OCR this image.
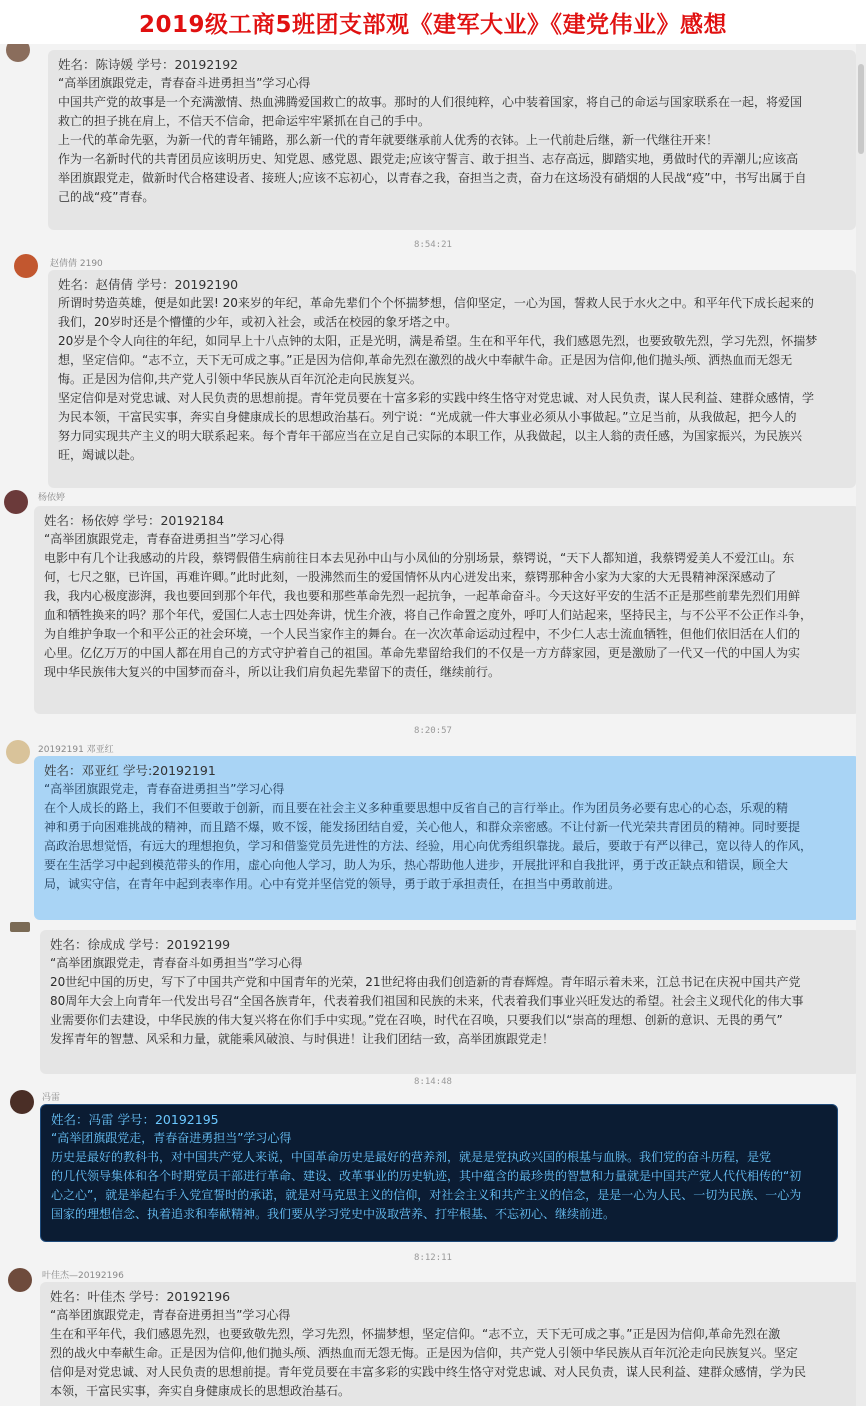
2019级工商5班团支部观《建军大业》《建党伟业》感想
姓名：陈诗媛 学号：20192192
“高举团旗跟党走，青春奋斗进勇担当”学习心得
中国共产党的故事是一个充满激情、热血沸腾爱国救亡的故事。那时的人们很纯粹，心中装着国家，将自己的命运与国家联系在一起，将爱国
救亡的担子挑在肩上，不信天不信命，把命运牢牢紧抓在自己的手中。
上一代的革命先驱，为新一代的青年铺路，那么新一代的青年就要继承前人优秀的衣钵。上一代前赴后继，新一代继往开来！
作为一名新时代的共青团员应该明历史、知党恩、感党恩、跟党走;应该守誓言、敢于担当、志存高远，脚踏实地，勇做时代的弄潮儿;应该高
举团旗跟党走，做新时代合格建设者、接班人;应该不忘初心，以青春之我，奋担当之责，奋力在这场没有硝烟的人民战“疫”中，书写出属于自
己的战“疫”青春。
8:54:21
赵倩倩 2190
姓名：赵倩倩 学号：20192190
所谓时势造英雄，便是如此罢! 20来岁的年纪，革命先辈们个个怀揣梦想，信仰坚定，一心为国，誓救人民于水火之中。和平年代下成长起来的
我们，20岁时还是个懵懂的少年，或初入社会，或活在校园的象牙塔之中。
20岁是个令人向往的年纪，如同早上十八点钟的太阳，正是光明，满是希望。生在和平年代，我们感恩先烈，也要致敬先烈，学习先烈，怀揣梦
想，坚定信仰。“志不立，天下无可成之事。”正是因为信仰,革命先烈在激烈的战火中奉献牛命。正是因为信仰,他们抛头颅、洒热血而无怨无
悔。正是因为信仰,共产党人引领中华民族从百年沉沦走向民族复兴。
坚定信仰是对党忠诚、对人民负责的思想前提。青年党员要在十富多彩的实践中终生恪守对党忠诚、对人民负责，谋人民利益、建群众感情，学
为民本领，干富民实事，奔实自身健康成长的思想政治基石。列宁说：“光成就一件大事业必须从小事做起。”立足当前，从我做起，把今人的
努力同实现共产主义的明大联系起来。每个青年干部应当在立足自己实际的本职工作，从我做起，以主人翁的责任感，为国家振兴，为民族兴
旺，竭诚以赴。
杨依婷
姓名：杨依婷 学号：20192184
“高举团旗跟党走，青春奋进勇担当”学习心得
电影中有几个让我感动的片段，蔡锷假借生病前往日本去见孙中山与小凤仙的分别场景，蔡锷说，“天下人都知道，我蔡锷爱美人不爱江山。东
何，七尺之躯，已许国，再难许卿。”此时此刻，一股沸然而生的爱国情怀从内心迸发出来，蔡锷那种舍小家为大家的大无畏精神深深感动了
我，我内心极度澎湃，我也要回到那个年代，我也要和那些革命先烈一起抗争，一起革命奋斗。今天这好平安的生活不正是那些前辈先烈们用鲜
血和牺牲换来的吗？那个年代，爱国仁人志士四处奔讲，忧生介液，将自己作命置之度外，呼叮人们站起来，坚持民主，与不公平不公正作斗争，
为自维护争取一个和平公正的社会环境，一个人民当家作主的舞台。在一次次革命运动过程中，不少仁人志士流血牺牲，但他们依旧活在人们的
心里。亿亿万万的中国人都在用自己的方式守护着自己的祖国。革命先辈留给我们的不仅是一方方薛家园，更是激励了一代又一代的中国人为实
现中华民族伟大复兴的中国梦而奋斗，所以让我们肩负起先辈留下的责任，继续前行。
8:20:57
20192191 邓亚红
姓名：邓亚红 学号:20192191
“高举团旗跟党走，青春奋进勇担当”学习心得
在个人成长的路上，我们不但要敢于创新，而且要在社会主义多种重要思想中反省自己的言行举止。作为团员务必要有忠心的心态，乐观的精
神和勇于向困难挑战的精神，而且踏不爆，败不馁，能发扬团结自爱，关心他人，和群众亲密感。不让付新一代光荣共青团员的精神。同时要提
高政治思想觉悟，有远大的理想抱负，学习和借鉴党员先进性的方法、经验，用心向优秀组织靠拢。最后，要敢于有严以律己，宽以待人的作风，
要在生活学习中起到模范带头的作用，虚心向他人学习，助人为乐，热心帮助他人进步，开展批评和自我批评，勇于改正缺点和错误，顾全大
局，诚实守信，在青年中起到表率作用。心中有党并坚信党的领导，勇于敢于承担责任，在担当中勇敢前进。
姓名：徐成成 学号：20192199
“高举团旗跟党走，青春奋斗如勇担当”学习心得
20世纪中国的历史，写下了中国共产党和中国青年的光荣，21世纪将由我们创造新的青春辉煌。青年昭示着未来，江总书记在庆祝中国共产党
80周年大会上向青年一代发出号召“全国各族青年，代表着我们祖国和民族的未来，代表着我们事业兴旺发达的希望。社会主义现代化的伟大事
业需要你们去建设，中华民族的伟大复兴将在你们手中实现。”党在召唤，时代在召唤，只要我们以“崇高的理想、创新的意识、无畏的勇气”
发挥青年的智慧、风采和力量，就能乘风破浪、与时俱进！让我们团结一致，高举团旗跟党走！
8:14:48
冯雷
姓名：冯雷 学号：20192195
“高举团旗跟党走，青春奋进勇担当”学习心得
历史是最好的教科书，对中国共产党人来说，中国革命历史是最好的营养剂，就是是党执政兴国的根基与血脉。我们党的奋斗历程，是党
的几代领导集体和各个时期党员干部进行革命、建设、改革事业的历史轨迹，其中蕴含的最珍贵的智慧和力量就是中国共产党人代代相传的“初
心之心”，就是举起右手入党宣誓时的承诺，就是对马克思主义的信仰，对社会主义和共产主义的信念，是是一心为人民、一切为民族、一心为
国家的理想信念、执着追求和奉献精神。我们要从学习党史中汲取营养、打牢根基、不忘初心、继续前进。
8:12:11
叶佳杰—20192196
姓名：叶佳杰 学号：20192196
“高举团旗跟党走，青春奋进勇担当”学习心得
生在和平年代，我们感恩先烈，也要致敬先烈，学习先烈，怀揣梦想，坚定信仰。“志不立，天下无可成之事。”正是因为信仰,革命先烈在激
烈的战火中奉献生命。正是因为信仰,他们抛头颅、洒热血而无怨无悔。正是因为信仰，共产党人引领中华民族从百年沉沦走向民族复兴。坚定
信仰是对党忠诚、对人民负责的思想前提。青年党员要在丰富多彩的实践中终生恪守对党忠诚、对人民负责，谋人民利益、建群众感情，学为民
本领，干富民实事，奔实自身健康成长的思想政治基石。
